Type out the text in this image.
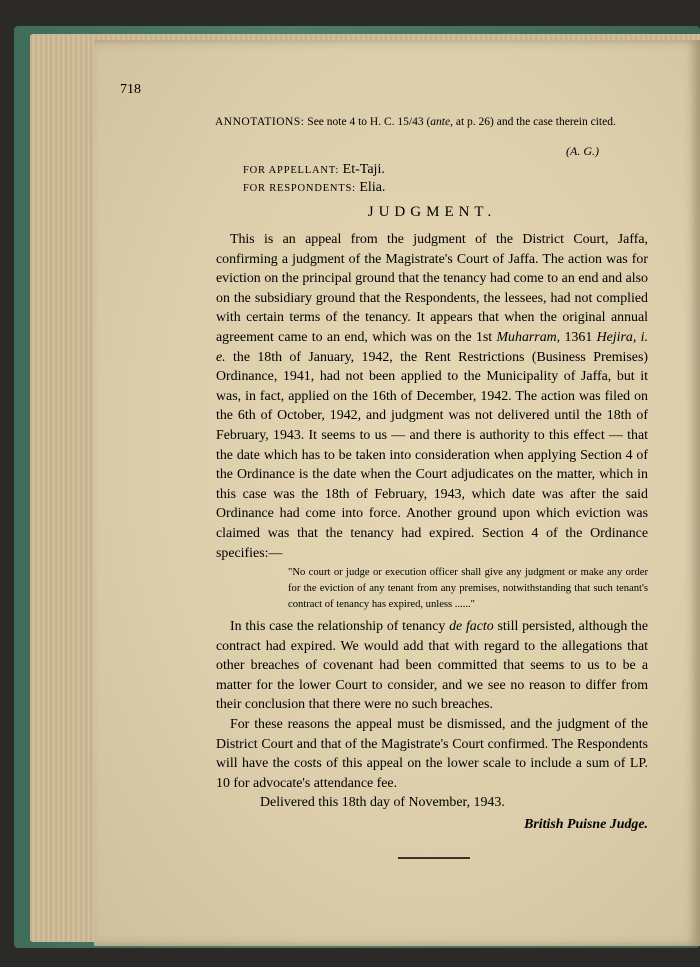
718
ANNOTATIONS: See note 4 to H. C. 15/43 (ante, at p. 26) and the case therein cited.
(A. G.)
FOR APPELLANT: Et-Taji.
FOR RESPONDENTS: Elia.
JUDGMENT.

This is an appeal from the judgment of the District Court, Jaffa, confirming a judgment of the Magistrate's Court of Jaffa. The action was for eviction on the principal ground that the tenancy had come to an end and also on the subsidiary ground that the Respondents, the lessees, had not complied with certain terms of the tenancy. It appears that when the original annual agreement came to an end, which was on the 1st Muharram, 1361 Hejira, i. e. the 18th of January, 1942, the Rent Restrictions (Business Premises) Ordinance, 1941, had not been applied to the Municipality of Jaffa, but it was, in fact, applied on the 16th of December, 1942. The action was filed on the 6th of October, 1942, and judgment was not delivered until the 18th of February, 1943. It seems to us — and there is authority to this effect — that the date which has to be taken into consideration when applying Section 4 of the Ordinance is the date when the Court adjudicates on the matter, which in this case was the 18th of February, 1943, which date was after the said Ordinance had come into force. Another ground upon which eviction was claimed was that the tenancy had expired. Section 4 of the Ordinance specifies:—

"No court or judge or execution officer shall give any judgment or make any order for the eviction of any tenant from any premises, notwithstanding that such tenant's contract of tenancy has expired, unless ......"

In this case the relationship of tenancy de facto still persisted, although the contract had expired. We would add that with regard to the allegations that other breaches of covenant had been committed that seems to us to be a matter for the lower Court to consider, and we see no reason to differ from their conclusion that there were no such breaches.

For these reasons the appeal must be dismissed, and the judgment of the District Court and that of the Magistrate's Court confirmed. The Respondents will have the costs of this appeal on the lower scale to include a sum of LP. 10 for advocate's attendance fee.

Delivered this 18th day of November, 1943.

British Puisne Judge.
